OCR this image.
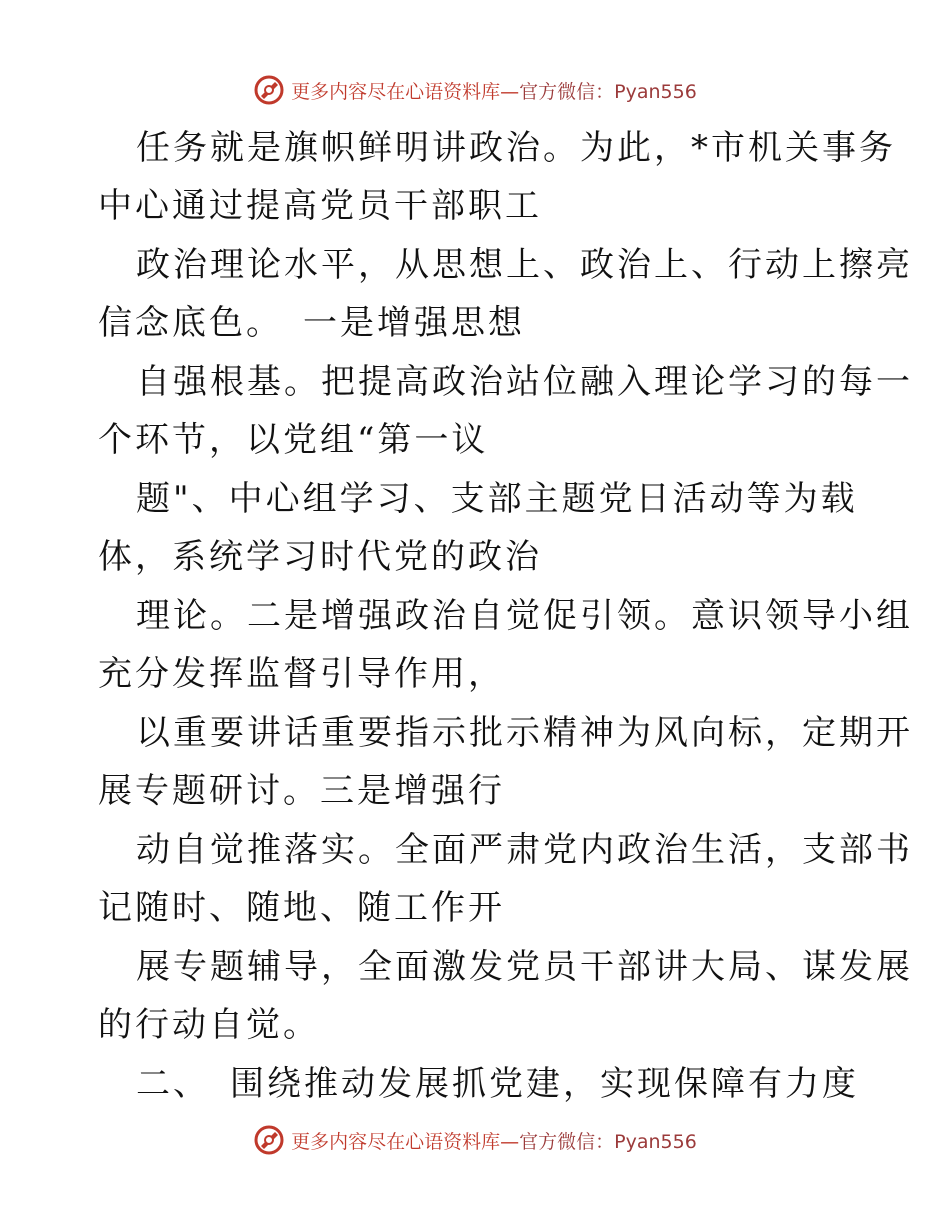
更多内容尽在心语资料库—官方微信：Pyan556
任务就是旗帜鲜明讲政治。为此，*市机关事务
中心通过提高党员干部职工
政治理论水平，从思想上、政治上、行动上擦亮
信念底色。　一是增强思想
自强根基。把提高政治站位融入理论学习的每一
个环节，以党组“第一议
题"、中心组学习、支部主题党日活动等为载
体，系统学习时代党的政治
理论。二是增强政治自觉促引领。意识领导小组
充分发挥监督引导作用，
以重要讲话重要指示批示精神为风向标，定期开
展专题研讨。三是增强行
动自觉推落实。全面严肃党内政治生活，支部书
记随时、随地、随工作开
展专题辅导，全面激发党员干部讲大局、谋发展
的行动自觉。
二、　围绕推动发展抓党建，实现保障有力度
更多内容尽在心语资料库—官方微信：Pyan556
